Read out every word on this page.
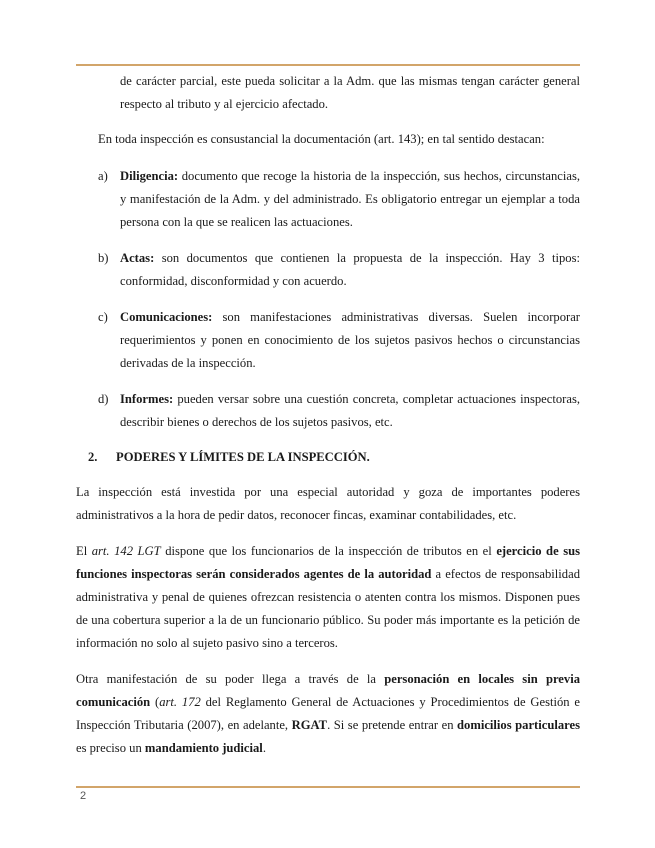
de carácter parcial, este pueda solicitar a la Adm. que las mismas tengan carácter general respecto al tributo y al ejercicio afectado.

En toda inspección es consustancial la documentación (art. 143); en tal sentido destacan:

a) Diligencia: documento que recoge la historia de la inspección, sus hechos, circunstancias, y manifestación de la Adm. y del administrado. Es obligatorio entregar un ejemplar a toda persona con la que se realicen las actuaciones.

b) Actas: son documentos que contienen la propuesta de la inspección. Hay 3 tipos: conformidad, disconformidad y con acuerdo.

c) Comunicaciones: son manifestaciones administrativas diversas. Suelen incorporar requerimientos y ponen en conocimiento de los sujetos pasivos hechos o circunstancias derivadas de la inspección.

d) Informes: pueden versar sobre una cuestión concreta, completar actuaciones inspectoras, describir bienes o derechos de los sujetos pasivos, etc.

2. PODERES Y LÍMITES DE LA INSPECCIÓN.

La inspección está investida por una especial autoridad y goza de importantes poderes administrativos a la hora de pedir datos, reconocer fincas, examinar contabilidades, etc.

El art. 142 LGT dispone que los funcionarios de la inspección de tributos en el ejercicio de sus funciones inspectoras serán considerados agentes de la autoridad a efectos de responsabilidad administrativa y penal de quienes ofrezcan resistencia o atenten contra los mismos. Disponen pues de una cobertura superior a la de un funcionario público. Su poder más importante es la petición de información no solo al sujeto pasivo sino a terceros.

Otra manifestación de su poder llega a través de la personación en locales sin previa comunicación (art. 172 del Reglamento General de Actuaciones y Procedimientos de Gestión e Inspección Tributaria (2007), en adelante, RGAT. Si se pretende entrar en domicilios particulares es preciso un mandamiento judicial.

2
